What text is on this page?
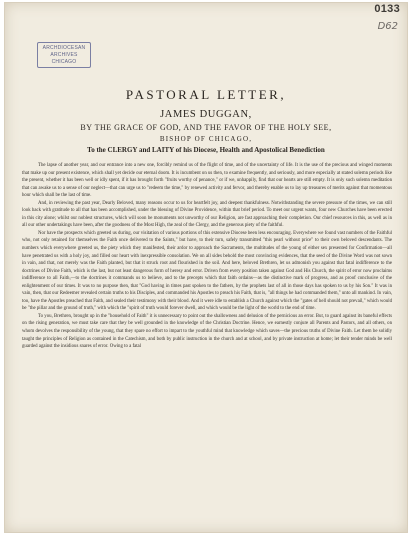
ARCHDIOCESAN
ARCHIVES
CHICAGO
0133
D62
PASTORAL LETTER,
JAMES DUGGAN,
BY THE GRACE OF GOD, AND THE FAVOR OF THE HOLY SEE,
BISHOP OF CHICAGO,
To the CLERGY and LAITY of his Diocese, Health and Apostolical Benediction

The lapse of another year, and our entrance into a new one, forcibly remind us of the flight of time, and of the uncertainty of life. It is the use of the precious and winged moments that make up our present existence, which shall yet decide our eternal doom. It is incumbent on us then, to examine frequently, and seriously, and more especially at stated solemn periods like the present, whether it has been well or idly spent, if it has brought forth "fruits worthy of penance," or if we, unhappily, find that our hearts are still empty. It is only such solemn meditation that can awake us to a sense of our neglect—that can urge us to "redeem the time," by renewed activity and fervor, and thereby enable us to lay up treasures of merits against that momentous hour which shall be the last of time.

And, in reviewing the past year, Dearly Beloved, many reasons occur to us for heartfelt joy, and deepest thankfulness. Notwithstanding the severe pressure of the times, we can still look back with gratitude to all that has been accomplished, under the blessing of Divine Providence, within that brief period. To meet our urgent wants, four new Churches have been erected in this city alone; whilst our noblest structures, which will soon be monuments not unworthy of our Religion, are fast approaching their completion. Our chief resources in this, as well as in all our other undertakings have been, after the goodness of the Most High, the zeal of the Clergy, and the generous piety of the faithful.

Nor have the prospects which greeted us during, our visitation of various portions of this extensive Diocese been less encouraging. Everywhere we found vast numbers of the Faithful who, not only retained for themselves the Faith once delivered to the Saints," but have, to their turn, safely transmitted "this pearl without price" to their own beloved descendants. The numbers which everywhere greeted us, the piety which they manifested, their ardor to approach the Sacraments, the multitudes of the young of either sex presented for Confirmation—all have penetrated us with a holy joy, and filled our heart with inexpressible consolation. We on all sides behold the most convincing evidences, that the seed of the Divine Word was not sown in vain, and that, not merely was the Faith planted, but that it struck root and flourished in the soil. And here, beloved Brethren, let us admonish you against that fatal indifference to the doctrines of Divine Faith, which is the last, but not least dangerous form of heresy and error. Driven from every position taken against God and His Church, the spirit of error now proclaims indifference to all Faith,—to the doctrines it commands us to believe, and to the precepts which that faith ordains—as the distinctive mark of progress, and as proof conclusive of the enlightenment of our times. It was to no purpose then, that "God having in times past spoken to the fathers, by the prophets last of all in those days has spoken to us by his Son." It was in vain, then, that our Redeemer revealed certain truths to his Disciples, and commanded his Apostles to preach his Faith, that is, "all things he had commanded them," unto all mankind. In vain, too, have the Apostles preached that Faith, and sealed their testimony with their blood. And it were idle to establish a Church against which the "gates of hell should not prevail," which would be "the pillar and the ground of truth," with which the "spirit of truth would forever dwell, and which would be the light of the world to the end of time.

To you, Brethren, brought up in the "household of Faith" it is unnecessary to point out the shallowness and delusion of the pernicious an error. But, to guard against its baneful effects on the rising generation, we must take care that they be well grounded in the knowledge of the Christian Doctrine. Hence, we earnestly conjure all Parents and Pastors, and all others, on whom devolves the responsibility of the young, that they spare no effort to impart to the youthful mind that knowledge which saves—the precious truths of Divine Faith. Let them be solidly taught the principles of Religion as contained in the Catechism, and both by public instruction in the church and at school, and by private instruction at home; let their tender minds be well guarded against the insidious snares of error. Owing to a fatal
